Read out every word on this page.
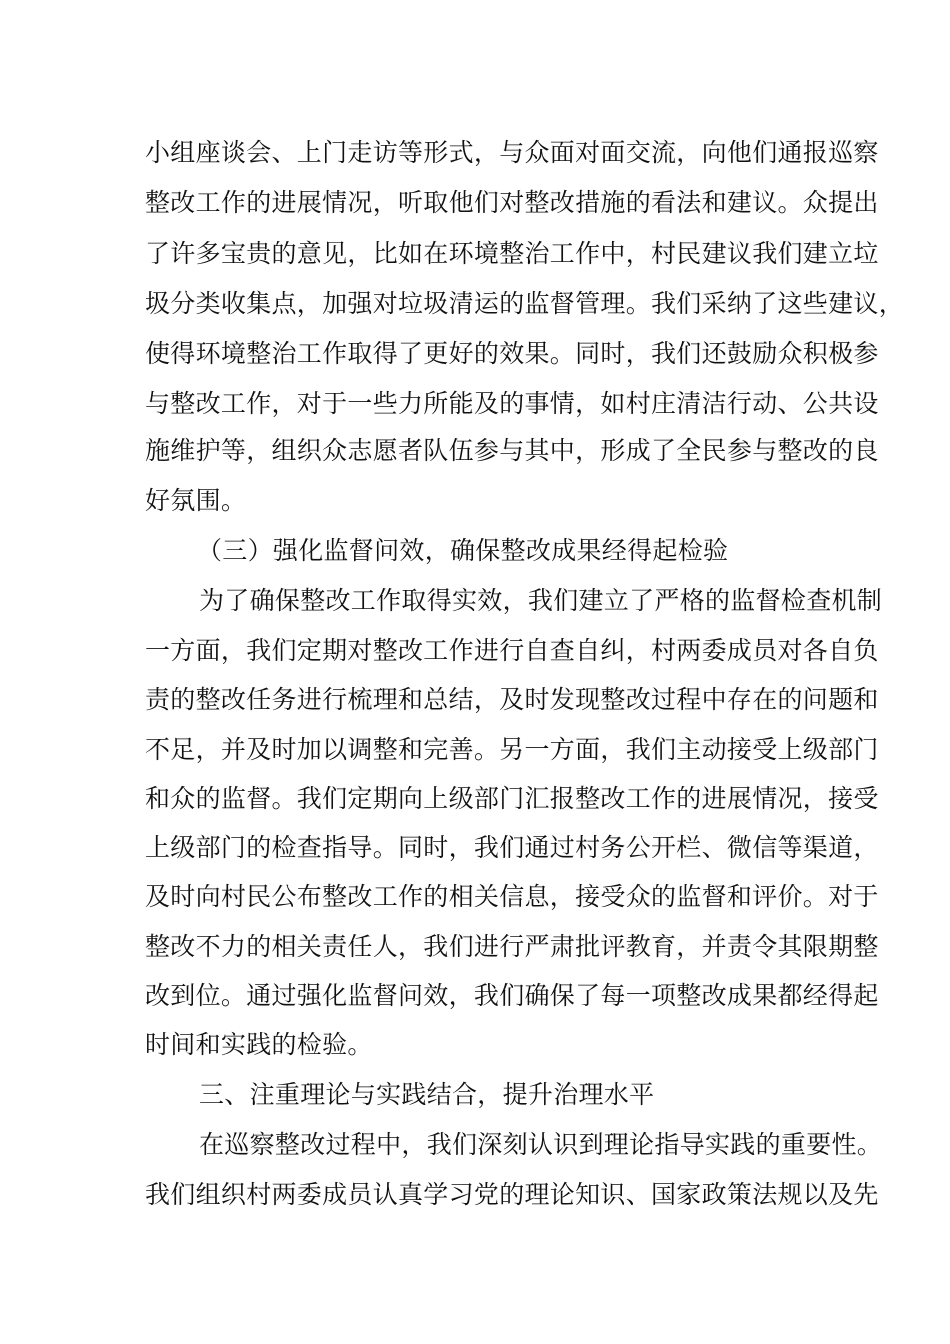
小组座谈会、上门走访等形式，与众面对面交流，向他们通报巡察
整改工作的进展情况，听取他们对整改措施的看法和建议。众提出
了许多宝贵的意见，比如在环境整治工作中，村民建议我们建立垃
圾分类收集点，加强对垃圾清运的监督管理。我们采纳了这些建议，
使得环境整治工作取得了更好的效果。同时，我们还鼓励众积极参
与整改工作，对于一些力所能及的事情，如村庄清洁行动、公共设
施维护等，组织众志愿者队伍参与其中，形成了全民参与整改的良
好氛围。
（三）强化监督问效，确保整改成果经得起检验
为了确保整改工作取得实效，我们建立了严格的监督检查机制
一方面，我们定期对整改工作进行自查自纠，村两委成员对各自负
责的整改任务进行梳理和总结，及时发现整改过程中存在的问题和
不足，并及时加以调整和完善。另一方面，我们主动接受上级部门
和众的监督。我们定期向上级部门汇报整改工作的进展情况，接受
上级部门的检查指导。同时，我们通过村务公开栏、微信等渠道，
及时向村民公布整改工作的相关信息，接受众的监督和评价。对于
整改不力的相关责任人，我们进行严肃批评教育，并责令其限期整
改到位。通过强化监督问效，我们确保了每一项整改成果都经得起
时间和实践的检验。
三、注重理论与实践结合，提升治理水平
在巡察整改过程中，我们深刻认识到理论指导实践的重要性。
我们组织村两委成员认真学习党的理论知识、国家政策法规以及先
